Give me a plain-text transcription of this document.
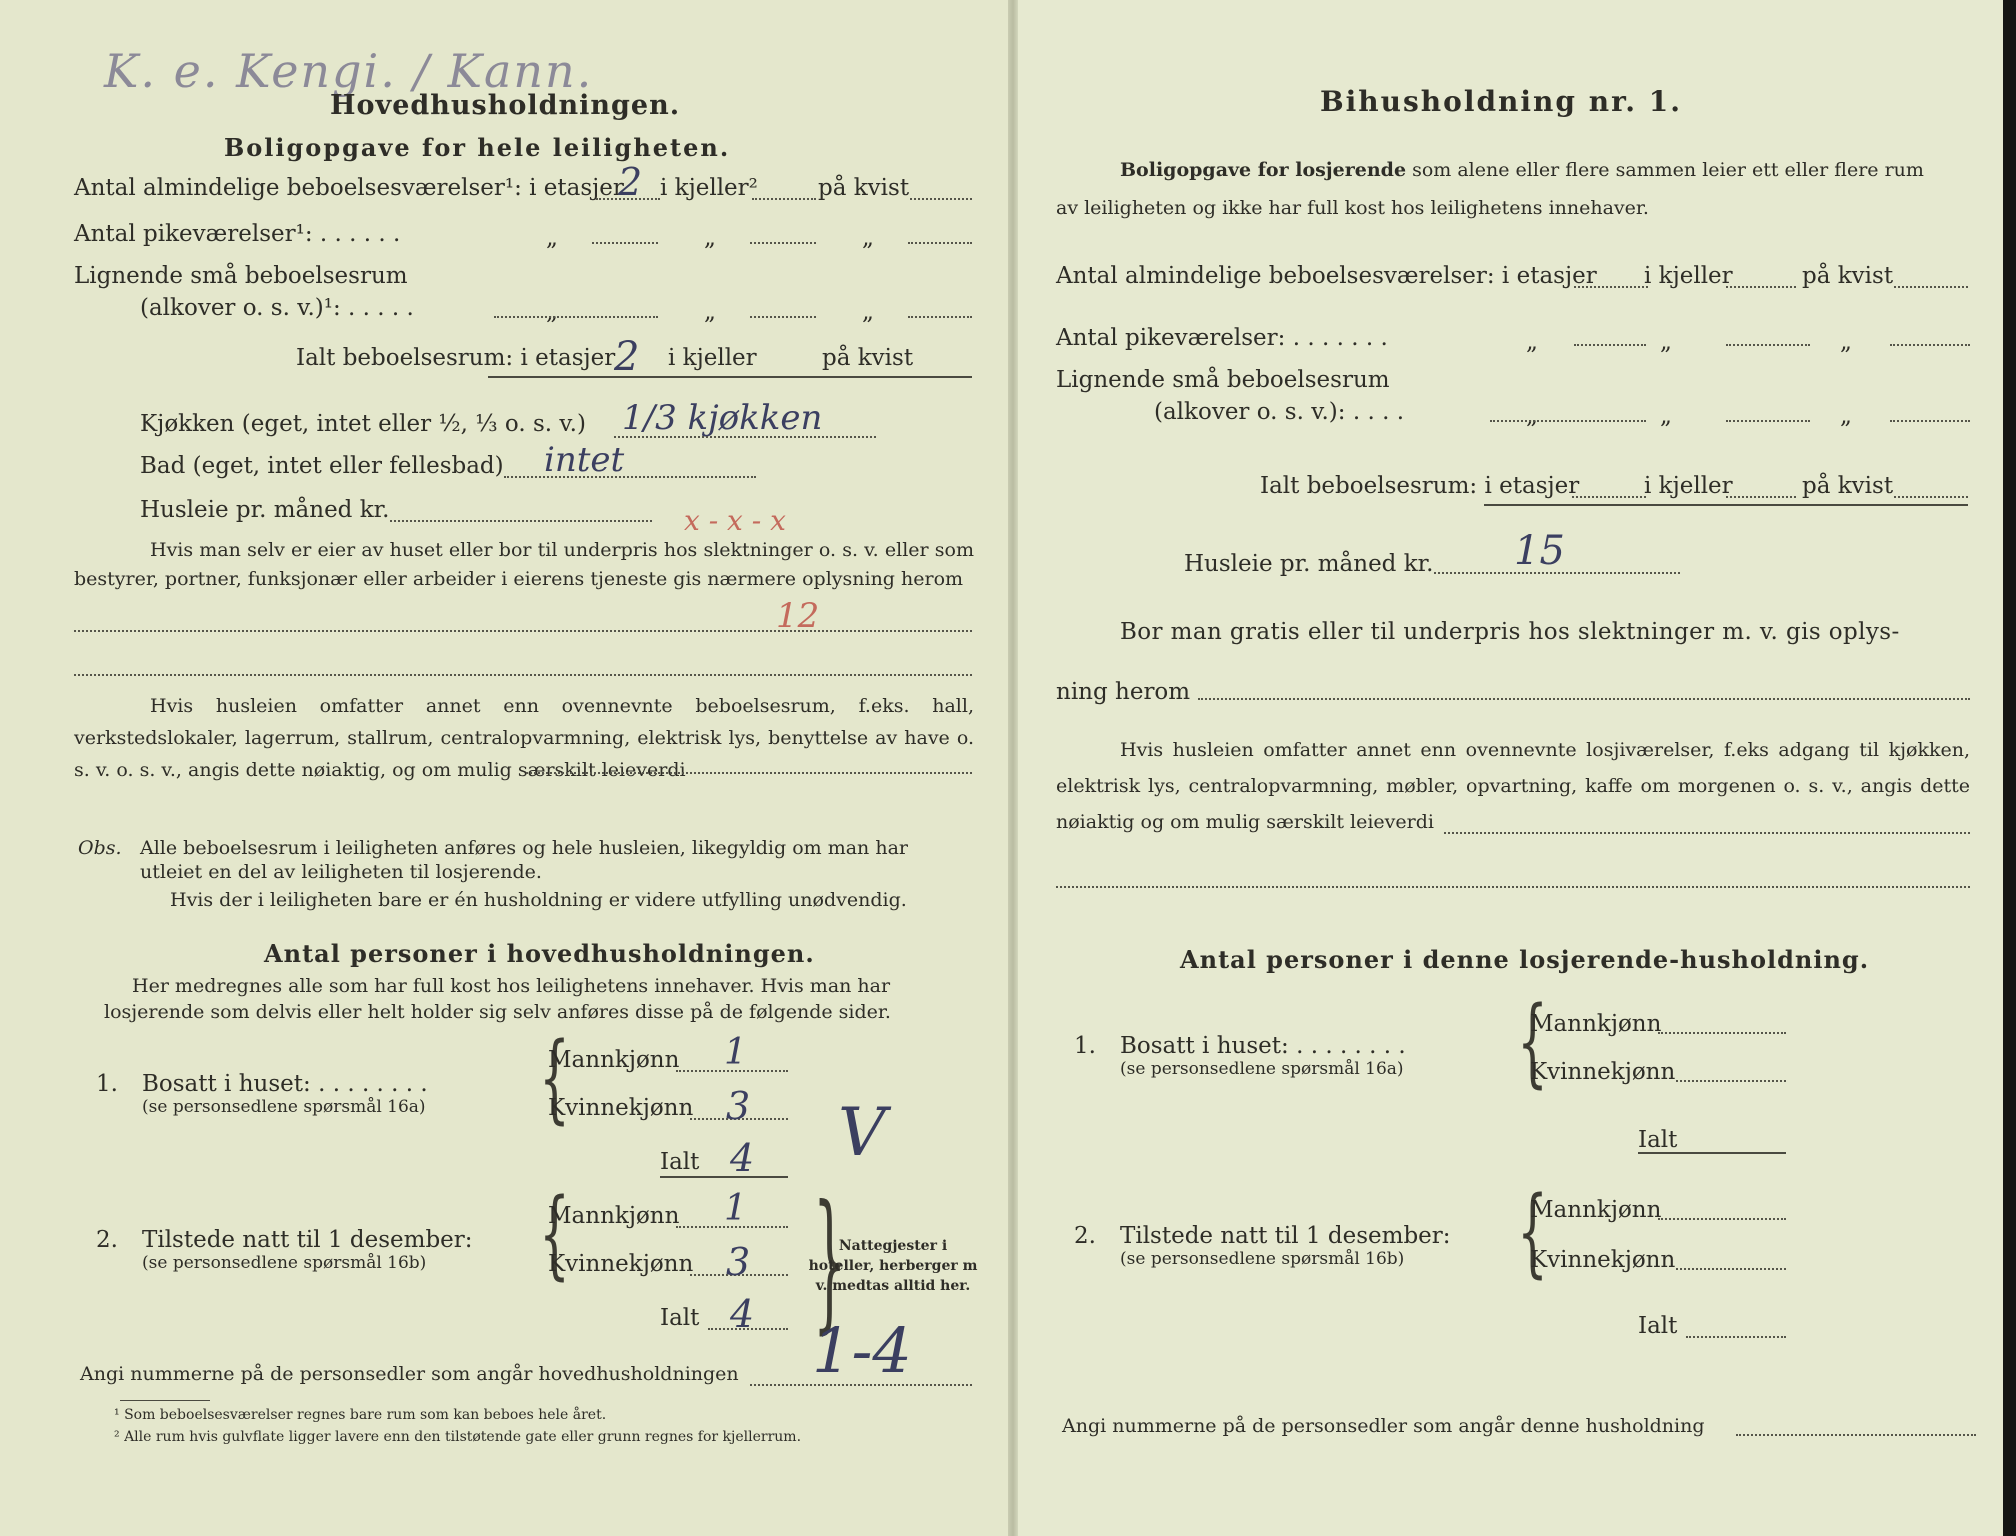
K. e. Kengi. / Kann.
Hovedhusholdningen.
Boligopgave for hele leiligheten.
Antal almindelige beboelsesværelser¹: i etasjer
2 i kjeller²	på kvist
Antal pikeværelser¹: . . . . . .	„	„	„
Lignende små beboelsesrum
(alkover o. s. v.)¹: . . . . .	„	„	„
Ialt beboelsesrum: i etasjer
2 i kjeller	på kvist
Kjøkken (eget, intet eller ½, ⅓ o. s. v.) 1/3 kjøkken
Bad (eget, intet eller fellesbad) intet
Husleie pr. måned kr.	x - x - x
Hvis man selv er eier av huset eller bor til underpris hos slektninger o. s. v. eller som bestyrer, portner, funksjonær eller arbeider i eierens tjeneste gis nærmere oplysning herom
12
Hvis husleien omfatter annet enn ovennevnte beboelsesrum, f.eks. hall, verkstedslokaler, lagerrum, stallrum, centralopvarmning, elektrisk lys, benyttelse av have o. s. v. o. s. v., angis dette nøiaktig, og om mulig særskilt leieverdi
Obs. Alle beboelsesrum i leiligheten anføres og hele husleien, likegyldig om man har
utleiet en del av leiligheten til losjerende.
Hvis der i leiligheten bare er én husholdning er videre utfylling unødvendig.
Antal personer i hovedhusholdningen.
Her medregnes alle som har full kost hos leilighetens innehaver. Hvis man har
losjerende som delvis eller helt holder sig selv anføres disse på de følgende sider.
1. Bosatt i huset: . . . . . . . .
(se personsedlene spørsmål 16a) {
Mannkjønn 1
Kvinnekjønn 3
Ialt 4 V
2. Tilstede natt til 1 desember:
(se personsedlene spørsmål 16b) {
Mannkjønn 1
Kvinnekjønn 3
Ialt 4 }
Nattegjester i hoteller, herberger m v. medtas alltid her.
Angi nummerne på de personsedler som angår hovedhusholdningen 1-4
¹ Som beboelsesværelser regnes bare rum som kan beboes hele året.
² Alle rum hvis gulvflate ligger lavere enn den tilstøtende gate eller grunn regnes for kjellerrum.
Bihusholdning nr. 1.
Boligopgave for losjerende som alene eller flere sammen leier ett eller flere rum
av leiligheten og ikke har full kost hos leilighetens innehaver.
Antal almindelige beboelsesværelser: i etasjer i kjeller	på kvist
Antal pikeværelser: . . . . . . .	„	„	„
Lignende små beboelsesrum
(alkover o. s. v.): . . . .	„	„	„
Ialt beboelsesrum: i etasjer	i kjeller	på kvist
Husleie pr. måned kr. 15
Bor man gratis eller til underpris hos slektninger m. v. gis oplys-
ning herom
Hvis husleien omfatter annet enn ovennevnte losjiværelser, f.eks adgang til kjøkken, elektrisk lys, centralopvarmning, møbler, opvartning, kaffe om morgenen o. s. v., angis dette nøiaktig og om mulig særskilt leieverdi
Antal personer i denne losjerende-husholdning.
1. Bosatt i huset: . . . . . . . .
(se personsedlene spørsmål 16a) {
Mannkjønn
Kvinnekjønn
Ialt
2. Tilstede natt til 1 desember:
(se personsedlene spørsmål 16b) {
Mannkjønn
Kvinnekjønn
Ialt
Angi nummerne på de personsedler som angår denne husholdning
